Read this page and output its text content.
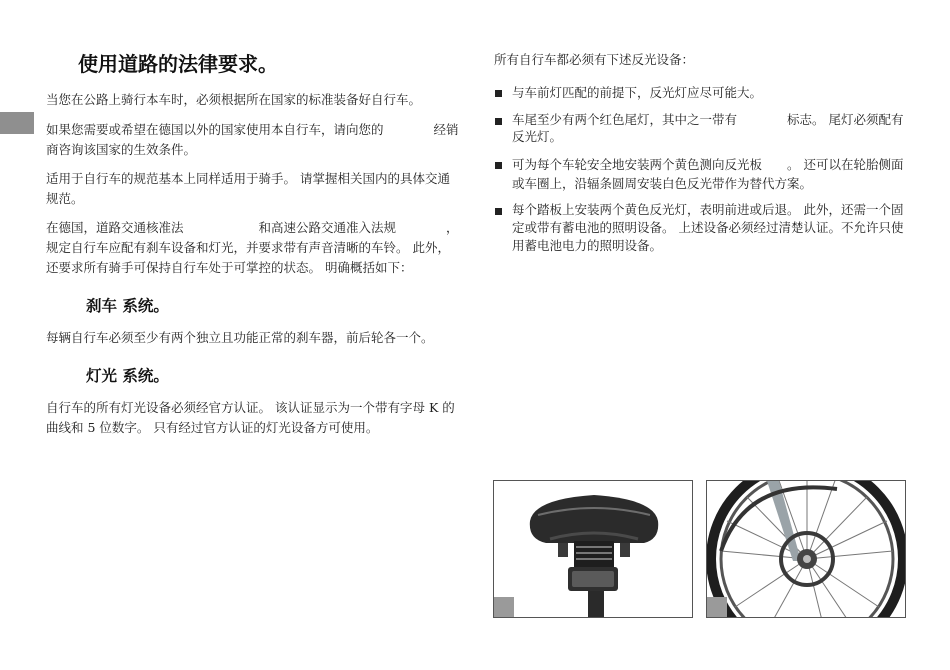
使用道路的法律要求。

当您在公路上骑行本车时，必须根据所在国家的标准装备好自行车。

如果您需要或希望在德国以外的国家使用本自行车，请向您的　　　　经销商咨询该国家的生效条件。

适用于自行车的规范基本上同样适用于骑手。 请掌握相关国内的具体交通规范。

在德国，道路交通核准法　　　　　　和高速公路交通准入法规　　　　，规定自行车应配有刹车设备和灯光，并要求带有声音清晰的车铃。 此外，还要求所有骑手可保持自行车处于可掌控的状态。 明确概括如下：

刹车 系统。

每辆自行车必须至少有两个独立且功能正常的刹车器，前后轮各一个。

灯光 系统。

自行车的所有灯光设备必须经官方认证。 该认证显示为一个带有字母 K 的曲线和 5 位数字。 只有经过官方认证的灯光设备方可使用。

所有自行车都必须有下述反光设备：

与车前灯匹配的前提下，反光灯应尽可能大。

车尾至少有两个红色尾灯，其中之一带有　　　　标志。 尾灯必须配有反光灯。

可为每个车轮安全地安装两个黄色测向反光板　　。 还可以在轮胎侧面或车圈上，沿辐条圆周安装白色反光带作为替代方案。

每个踏板上安装两个黄色反光灯，表明前进或后退。 此外，还需一个固定或带有蓄电池的照明设备。 上述设备必须经过清楚认证。不允许只使用蓄电池电力的照明设备。
